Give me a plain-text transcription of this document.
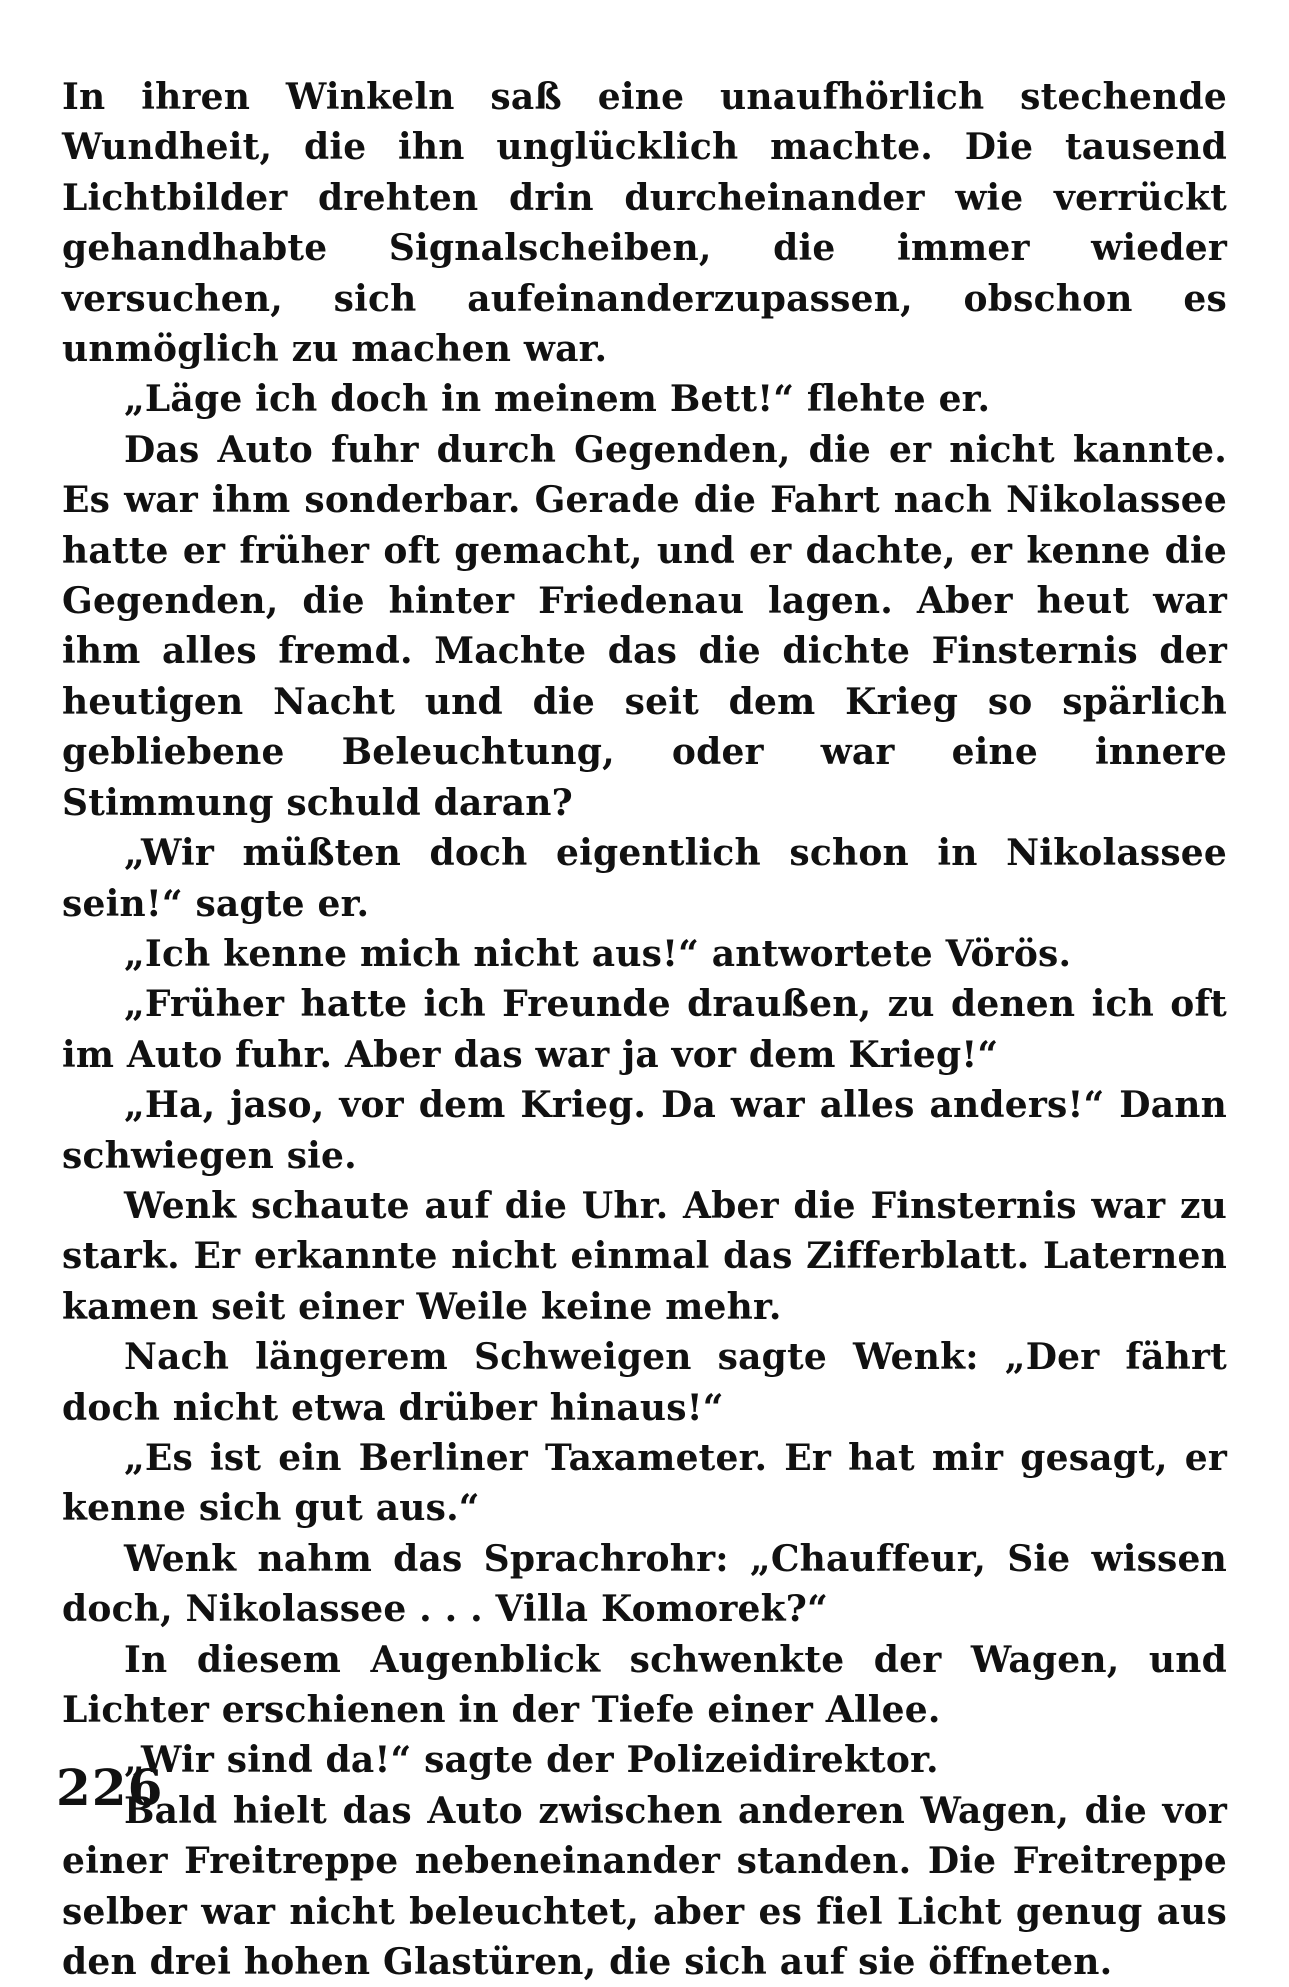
In ihren Winkeln saß eine unaufhörlich stechende Wundheit, die ihn unglücklich machte. Die tausend Lichtbilder drehten drin durcheinander wie verrückt gehandhabte Signalscheiben, die immer wieder versuchen, sich aufeinanderzupassen, obschon es unmöglich zu machen war.

„Läge ich doch in meinem Bett!“ flehte er.

Das Auto fuhr durch Gegenden, die er nicht kannte. Es war ihm sonderbar. Gerade die Fahrt nach Nikolassee hatte er früher oft gemacht, und er dachte, er kenne die Gegenden, die hinter Friedenau lagen. Aber heut war ihm alles fremd. Machte das die dichte Finsternis der heutigen Nacht und die seit dem Krieg so spärlich gebliebene Beleuchtung, oder war eine innere Stimmung schuld daran?

„Wir müßten doch eigentlich schon in Nikolassee sein!“ sagte er.

„Ich kenne mich nicht aus!“ antwortete Vörös.

„Früher hatte ich Freunde draußen, zu denen ich oft im Auto fuhr. Aber das war ja vor dem Krieg!“

„Ha, jaso, vor dem Krieg. Da war alles anders!“ Dann schwiegen sie.

Wenk schaute auf die Uhr. Aber die Finsternis war zu stark. Er erkannte nicht einmal das Zifferblatt. Laternen kamen seit einer Weile keine mehr.

Nach längerem Schweigen sagte Wenk: „Der fährt doch nicht etwa drüber hinaus!“

„Es ist ein Berliner Taxameter. Er hat mir gesagt, er kenne sich gut aus.“

Wenk nahm das Sprachrohr: „Chauffeur, Sie wissen doch, Nikolassee . . . Villa Komorek?“

In diesem Augenblick schwenkte der Wagen, und Lichter erschienen in der Tiefe einer Allee.

„Wir sind da!“ sagte der Polizeidirektor.

Bald hielt das Auto zwischen anderen Wagen, die vor einer Freitreppe nebeneinander standen. Die Freitreppe selber war nicht beleuchtet, aber es fiel Licht genug aus den drei hohen Glastüren, die sich auf sie öffneten.

226
